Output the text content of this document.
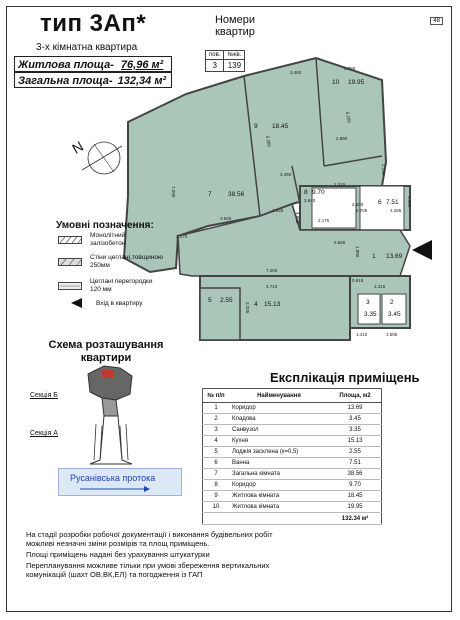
48
тип 3Ап*
3-х кімнатна квартира
Житлова площа- 76,96 м²
Загальна площа- 132,34 м²
Номери квартир
пов.	№кв.
3	139
N
7	38.56
9 18.45
10 19.95
8 9.70
6 7.51
1 13.69
4 15.13
5 2.55	3
3.35
2
3.45
3.450
2.880
5.180
5.280
3.925
1.425
4.885
2.315
5.665
7.265
4.710	3.315
1.410	1.505
7.090
2.290
1.880
2.175
1.920
3.205
3.840
2.500
3.460
2.785
2.170
2.705	3.265
0.915
Умовні позначення:
Монолітний залізобетон
Стіни цеглані,товщиною 250мм
Цеглані перегородки 120 мм
Вхід в квартиру
Схема розташування квартири
Секція Б
Секція А
Русанівська протока
Експлікація приміщень
№ п/п	Найменування	Площа, м2
1	Коридор	13.69
2	Кладова	3.45
3	Санвузол	3.35
4	Кухня	15.13
5	Лоджія засклена (к=0,5)	2.55
6	Ванна	7.51
7	Загальна кімната	38.56
8	Коридор	9.70
9	Житлова кімната	18.45
10	Житлова кімната	19.95
		132.34 м²

На стадії розробки робочої документації і виконання будівельних робіт можливі незначні зміни розмірів та площ приміщень.

Площі приміщень надані без урахування штукатурки

Перепланування можливе тільки при умові збереження вертикальних комунікацій (шахт ОВ,ВК,ЕЛ) та погодження із ГАП
